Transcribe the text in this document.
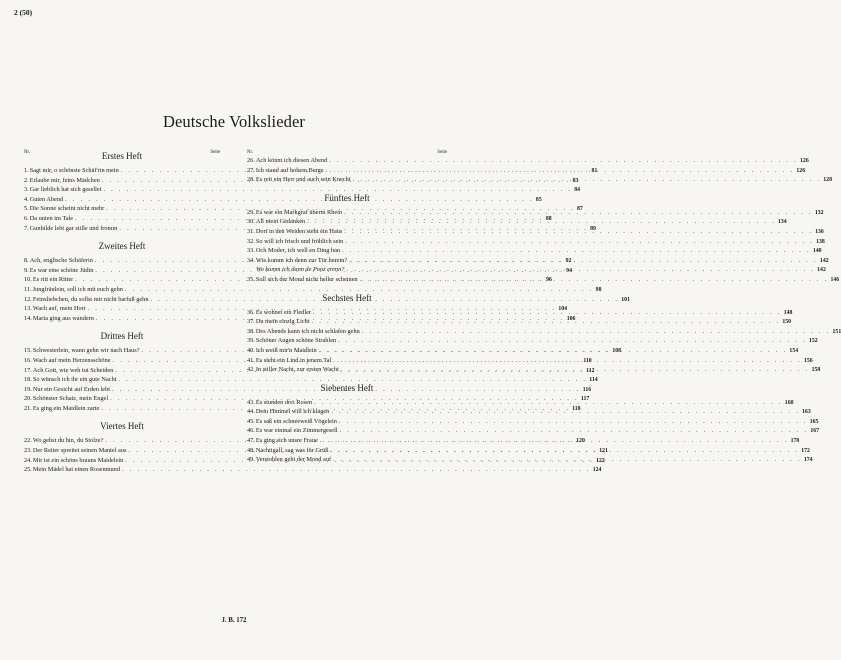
2 (50)
Deutsche Volkslieder
Nr.	Seite
Erstes Heft
1. Sagt mir, o schönste Schäf'rin mein . . .	81
2. Erlaube mir, feins Mädchen . . .	83
3. Gar lieblich hat sich gesellet . . .	84
4. Guten Abend . . .	85
5. Die Sonne scheint nicht mehr . . .	87
6. Da unten im Tale . . .	88
7. Gunhilde lebt gar stille und fromm . . .	89
Zweites Heft
8. Ach, englische Schäferin . . .	92
9. Es war eine schöne Jüdin . . .	94
10. Es ritt ein Ritter . . .	96
11. Jungfräulein, soll ich mit euch gehn . . .	98
12. Feinsliebchen, du sollst mir nicht barfuß gehn . . .	101
13. Wach auf, mein Hort . . .	104
14. Maria ging aus wandern . . .	106
Drittes Heft
15. Schwesterlein, wann gehn wir nach Haus? . . .	108
16. Wach auf mein Herzensschöne . . .	110
17. Ach Gott, wie weh tut Scheiden . . .	112
18. So wünsch ich ihr ein gute Nacht . . .	114
19. Nur ein Gesicht auf Erden lebt . . .	116
20. Schönster Schatz, mein Engel . . .	117
21. Es ging ein Maidlein zarte . . .	118
Viertes Heft
22. Wo gehst du hin, du Stolze? . . .	120
23. Der Reiter spreitet seinen Mantel aus . . .	121
24. Mir ist ein schöns brauns Maidelein . . .	122
25. Mein Mädel hat einen Rosenmund . . .	124
Nr.	Seite
26. Ach könnt ich diesen Abend . . .	126
27. Ich stand auf hohem Berge . . .	126
28. Es reit ein Herr und auch sein Knecht . . .	128
Fünftes Heft
29. Es war ein Markgraf überm Rhein . . .	132
30. All mein Gedanken . . .	134
31. Dort in den Weiden steht ein Haus . . .	136
32. So will ich frisch und fröhlich sein . . .	138
33. Och Moder, ich well en Ding han . . .	140
34. Wie komm ich denn zur Tür herein? . . .	142
Wo kumm ich dann de Pooz erenn? . . .	142
35. Soll sich der Mond nicht heller scheinen . . .	146
Sechstes Heft
36. Es wohnet ein Fiedler . . .	148
37. Du mein einzig Licht . . .	150
38. Des Abends kann ich nicht schlafen gehn . . .	151
39. Schöner Augen schöne Strahlen . . .	152
40. Ich weiß mir'n Maidlein . . .	154
41. Es steht ein Lind in jenem Tal . . .	156
42. In stiller Nacht, zur ersten Wacht . . .	158
Siebentes Heft
43. Es stunden drei Rosen . . .	160
44. Dem Himmel will ich klagen . . .	163
45. Es saß ein schneeweiß Vögelein . . .	165
46. Es war einmal ein Zimmergesell . . .	167
47. Es ging sich unsre Fraue . . .	170
48. Nachtigall, sag was für Grüß . . .	172
49. Verstohlen geht der Mond auf . . .	174
J. B. 172
